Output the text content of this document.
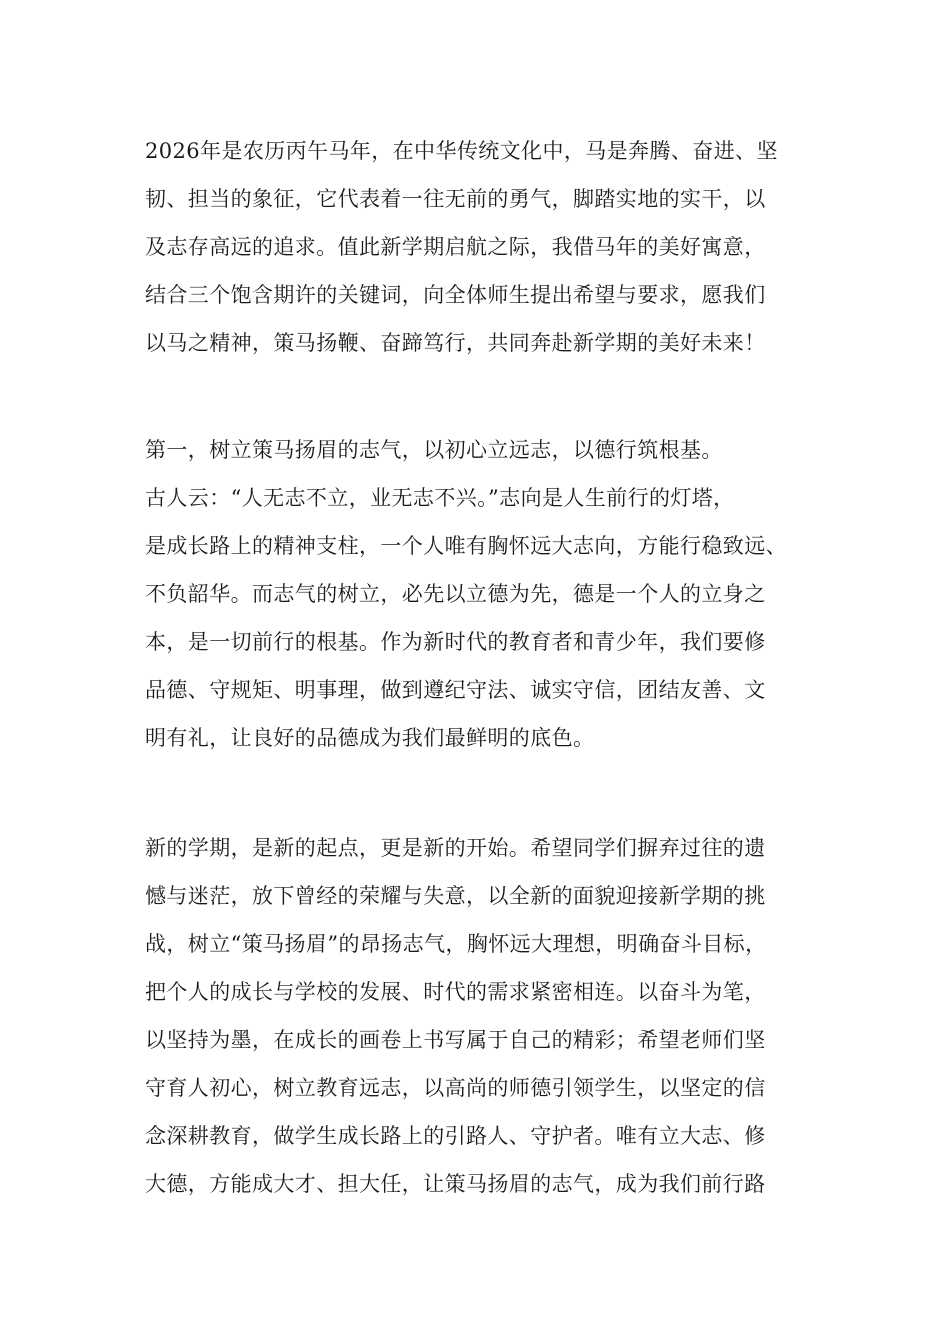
2026年是农历丙午马年，在中华传统文化中，马是奔腾、奋进、坚
韧、担当的象征，它代表着一往无前的勇气，脚踏实地的实干，以
及志存高远的追求。值此新学期启航之际，我借马年的美好寓意，
结合三个饱含期许的关键词，向全体师生提出希望与要求，愿我们
以马之精神，策马扬鞭、奋蹄笃行，共同奔赴新学期的美好未来！
第一，树立策马扬眉的志气，以初心立远志，以德行筑根基。
古人云：“人无志不立，业无志不兴。”志向是人生前行的灯塔，
是成长路上的精神支柱，一个人唯有胸怀远大志向，方能行稳致远、
不负韶华。而志气的树立，必先以立德为先，德是一个人的立身之
本，是一切前行的根基。作为新时代的教育者和青少年，我们要修
品德、守规矩、明事理，做到遵纪守法、诚实守信，团结友善、文
明有礼，让良好的品德成为我们最鲜明的底色。
新的学期，是新的起点，更是新的开始。希望同学们摒弃过往的遗
憾与迷茫，放下曾经的荣耀与失意，以全新的面貌迎接新学期的挑
战，树立“策马扬眉”的昂扬志气，胸怀远大理想，明确奋斗目标，
把个人的成长与学校的发展、时代的需求紧密相连。以奋斗为笔，
以坚持为墨，在成长的画卷上书写属于自己的精彩；希望老师们坚
守育人初心，树立教育远志，以高尚的师德引领学生，以坚定的信
念深耕教育，做学生成长路上的引路人、守护者。唯有立大志、修
大德，方能成大才、担大任，让策马扬眉的志气，成为我们前行路
